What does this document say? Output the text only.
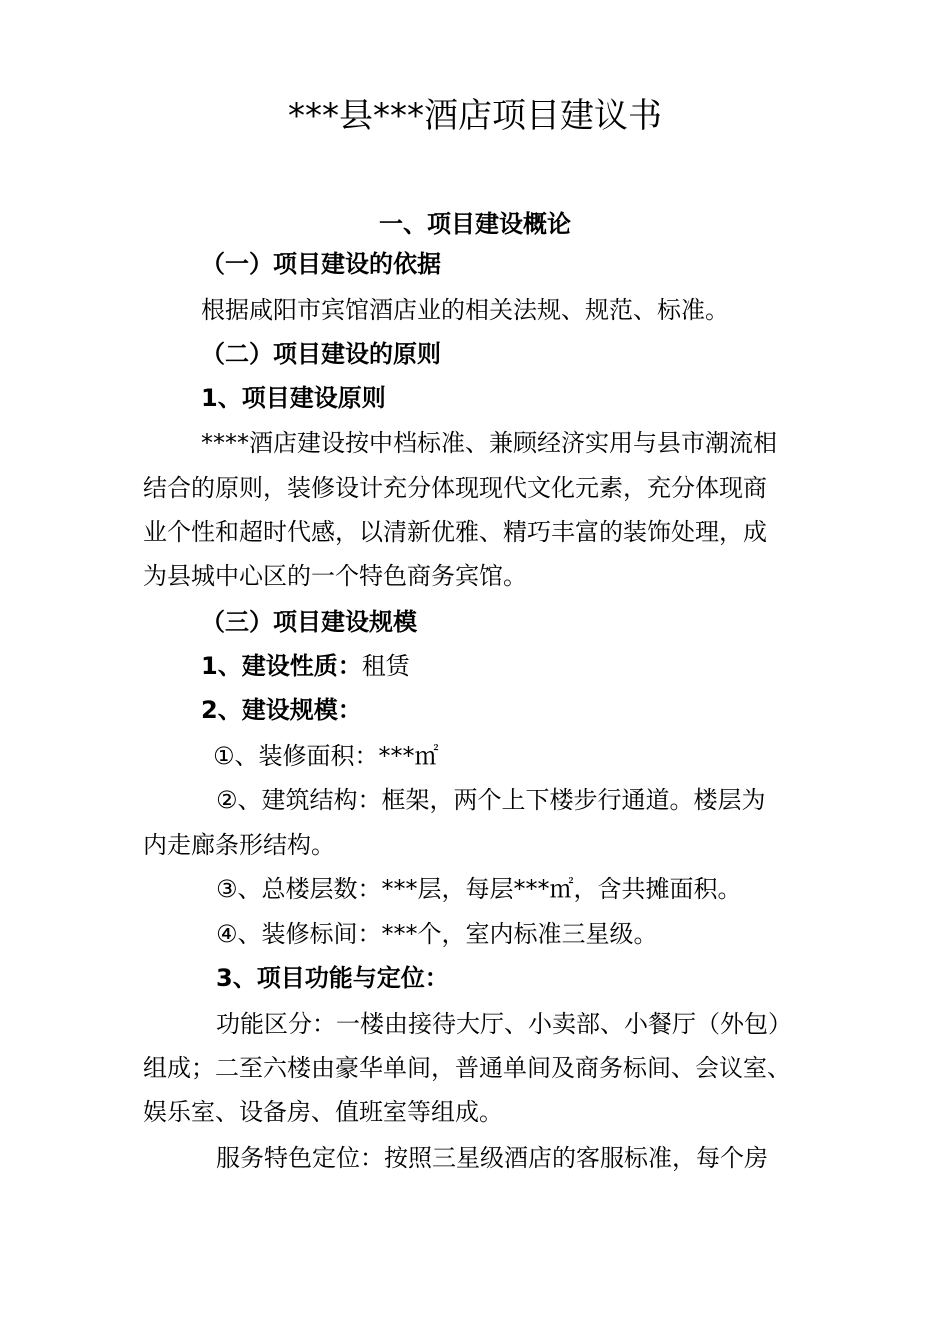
***县***酒店项目建议书
一、项目建设概论
（一）项目建设的依据
根据咸阳市宾馆酒店业的相关法规、规范、标准。
（二）项目建设的原则
1、项目建设原则
****酒店建设按中档标准、兼顾经济实用与县市潮流相
结合的原则，装修设计充分体现现代文化元素，充分体现商
业个性和超时代感，以清新优雅、精巧丰富的装饰处理，成
为县城中心区的一个特色商务宾馆。
（三）项目建设规模
1、建设性质：租赁
2、建设规模：
①、装修面积：***㎡
②、建筑结构：框架，两个上下楼步行通道。楼层为
内走廊条形结构。
③、总楼层数：***层，每层***㎡，含共摊面积。
④、装修标间：***个，室内标准三星级。
3、项目功能与定位：
功能区分：一楼由接待大厅、小卖部、小餐厅（外包）
组成；二至六楼由豪华单间，普通单间及商务标间、会议室、
娱乐室、设备房、值班室等组成。
服务特色定位：按照三星级酒店的客服标准，每个房
